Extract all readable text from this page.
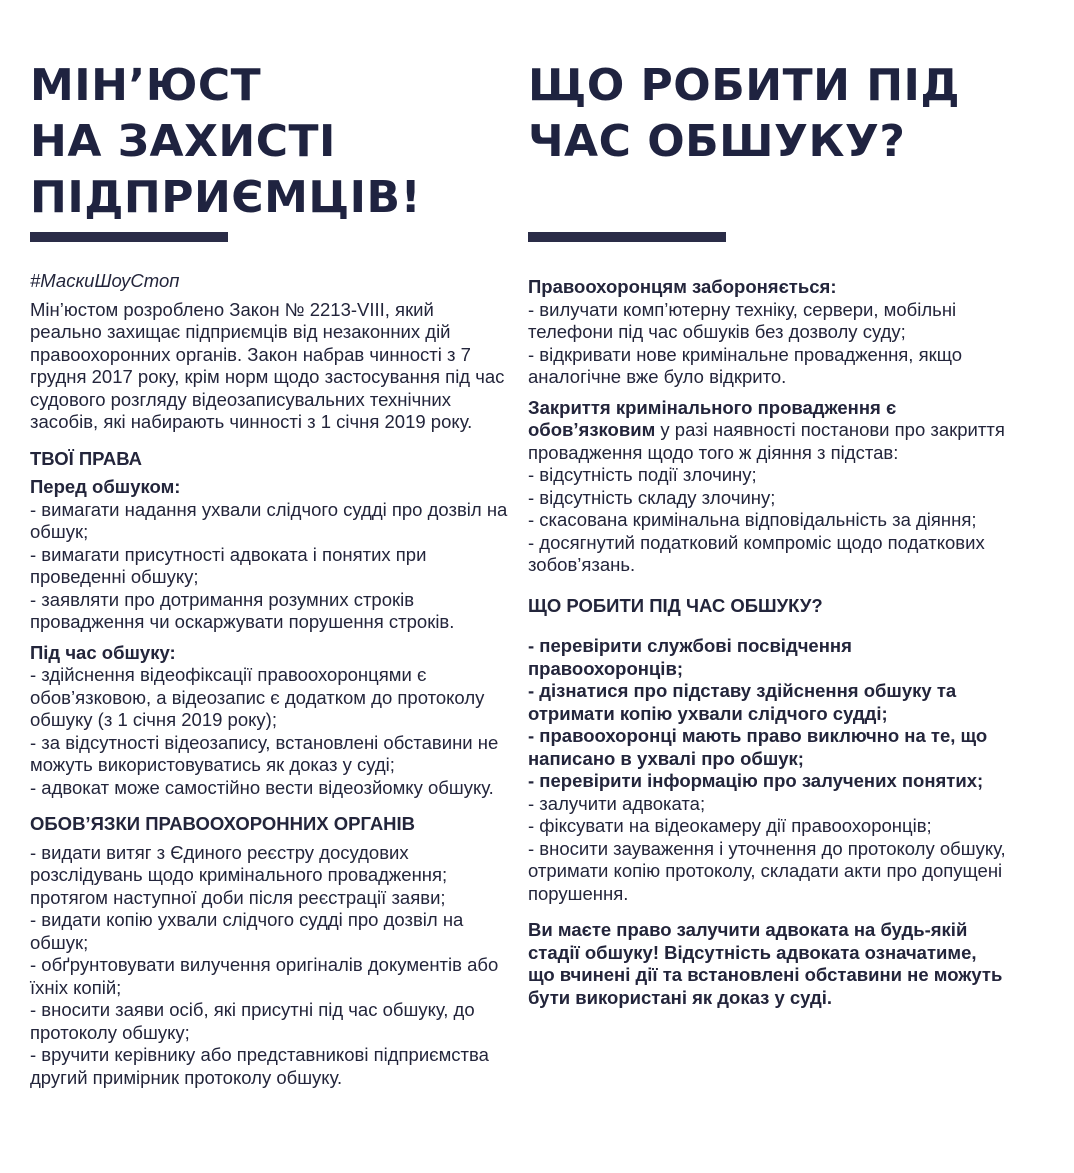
МІН’ЮСТ
НА ЗАХИСТІ
ПІДПРИЄМЦІВ!

#МаскиШоуСтоп

Мін’юстом розроблено Закон № 2213-VIII, який реально захищає підприємців від незаконних дій правоохоронних органів. Закон набрав чинності з 7 грудня 2017 року, крім норм щодо застосування під час судового розгляду відеозаписувальних технічних засобів, які набирають чинності з 1 січня 2019 року.

ТВОЇ ПРАВА

Перед обшуком:

- вимагати надання ухвали слідчого судді про дозвіл на обшук;
- вимагати присутності адвоката і понятих при проведенні обшуку;
- заявляти про дотримання розумних строків провадження чи оскаржувати порушення строків.

Під час обшуку:

- здійснення відеофіксації правоохоронцями є обов’язковою, а відеозапис є додатком до протоколу обшуку (з 1 січня 2019 року);
- за відсутності відеозапису, встановлені обставини не можуть використовуватись як доказ у суді;
- адвокат може самостійно вести відеозйомку обшуку.

ОБОВ’ЯЗКИ ПРАВООХОРОННИХ ОРГАНІВ

- видати витяг з Єдиного реєстру досудових розслідувань щодо кримінального провадження; протягом наступної доби після реєстрації заяви;
- видати копію ухвали слідчого судді про дозвіл на обшук;
- обґрунтовувати вилучення оригіналів документів або їхніх копій;
- вносити заяви осіб, які присутні під час обшуку, до протоколу обшуку;
- вручити керівнику або представникові підприємства другий примірник протоколу обшуку.
ЩО РОБИТИ ПІД
ЧАС ОБШУКУ?

Правоохоронцям забороняється:

- вилучати комп’ютерну техніку, сервери, мобільні телефони під час обшуків без дозволу суду;
- відкривати нове кримінальне провадження, якщо аналогічне вже було відкрито.

Закриття кримінального провадження є обов’язковим у разі наявності постанови про закриття провадження щодо того ж діяння з підстав:

- відсутність події злочину;
- відсутність складу злочину;
- скасована кримінальна відповідальність за діяння;
- досягнутий податковий компроміс щодо податкових зобов’язань.

ЩО РОБИТИ ПІД ЧАС ОБШУКУ?

- перевірити службові посвідчення правоохоронців;
- дізнатися про підставу здійснення обшуку та отримати копію ухвали слідчого судді;
- правоохоронці мають право виключно на те, що написано в ухвалі про обшук;
- перевірити інформацію про залучених понятих;
- залучити адвоката;
- фіксувати на відеокамеру дії правоохоронців;
- вносити зауваження і уточнення до протоколу обшуку, отримати копію протоколу, складати акти про допущені порушення.

Ви маєте право залучити адвоката на будь-якій стадії обшуку! Відсутність адвоката означатиме, що вчинені дії та встановлені обставини не можуть бути використані як доказ у суді.
